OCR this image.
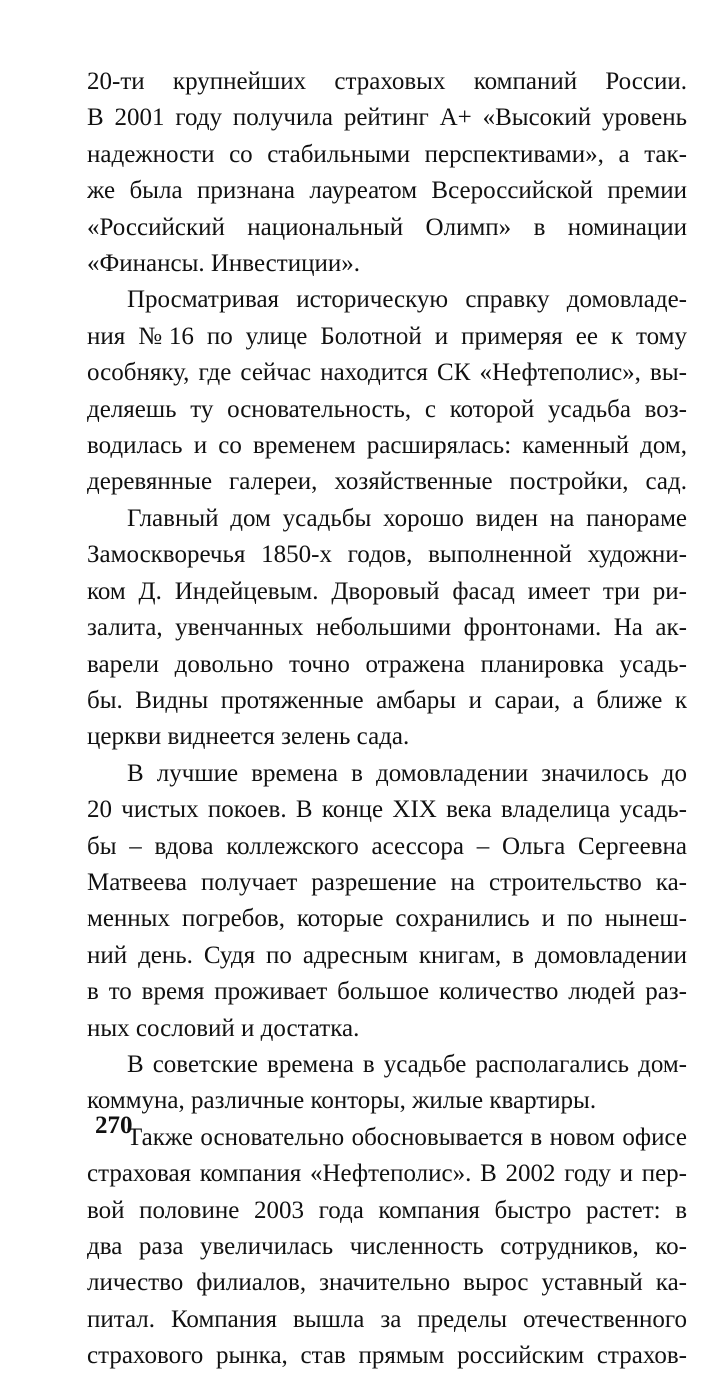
20-ти крупнейших страховых компаний России.
В 2001 году получила рейтинг А+ «Высокий уровень
надежности со стабильными перспективами», а так-
же была признана лауреатом Всероссийской премии
«Российский национальный Олимп» в номинации
«Финансы. Инвестиции».

Просматривая историческую справку домовладе-
ния №16 по улице Болотной и примеряя ее к тому
особняку, где сейчас находится СК «Нефтеполис», вы-
деляешь ту основательность, с которой усадьба воз-
водилась и со временем расширялась: каменный дом,
деревянные галереи, хозяйственные постройки, сад.

Главный дом усадьбы хорошо виден на панораме
Замоскворечья 1850-х годов, выполненной художни-
ком Д. Индейцевым. Дворовый фасад имеет три ри-
залита, увенчанных небольшими фронтонами. На ак-
варели довольно точно отражена планировка усадь-
бы. Видны протяженные амбары и сараи, а ближе к
церкви виднеется зелень сада.

В лучшие времена в домовладении значилось до
20 чистых покоев. В конце XIX века владелица усадь-
бы – вдова коллежского асессора – Ольга Сергеевна
Матвеева получает разрешение на строительство ка-
менных погребов, которые сохранились и по нынеш-
ний день. Судя по адресным книгам, в домовладении
в то время проживает большое количество людей раз-
ных сословий и достатка.

В советские времена в усадьбе располагались дом-
коммуна, различные конторы, жилые квартиры.

Также основательно обосновывается в новом офисе
страховая компания «Нефтеполис». В 2002 году и пер-
вой половине 2003 года компания быстро растет: в
два раза увеличилась численность сотрудников, ко-
личество филиалов, значительно вырос уставный ка-
питал. Компания вышла за пределы отечественного
страхового рынка, став прямым российским страхов-

270
